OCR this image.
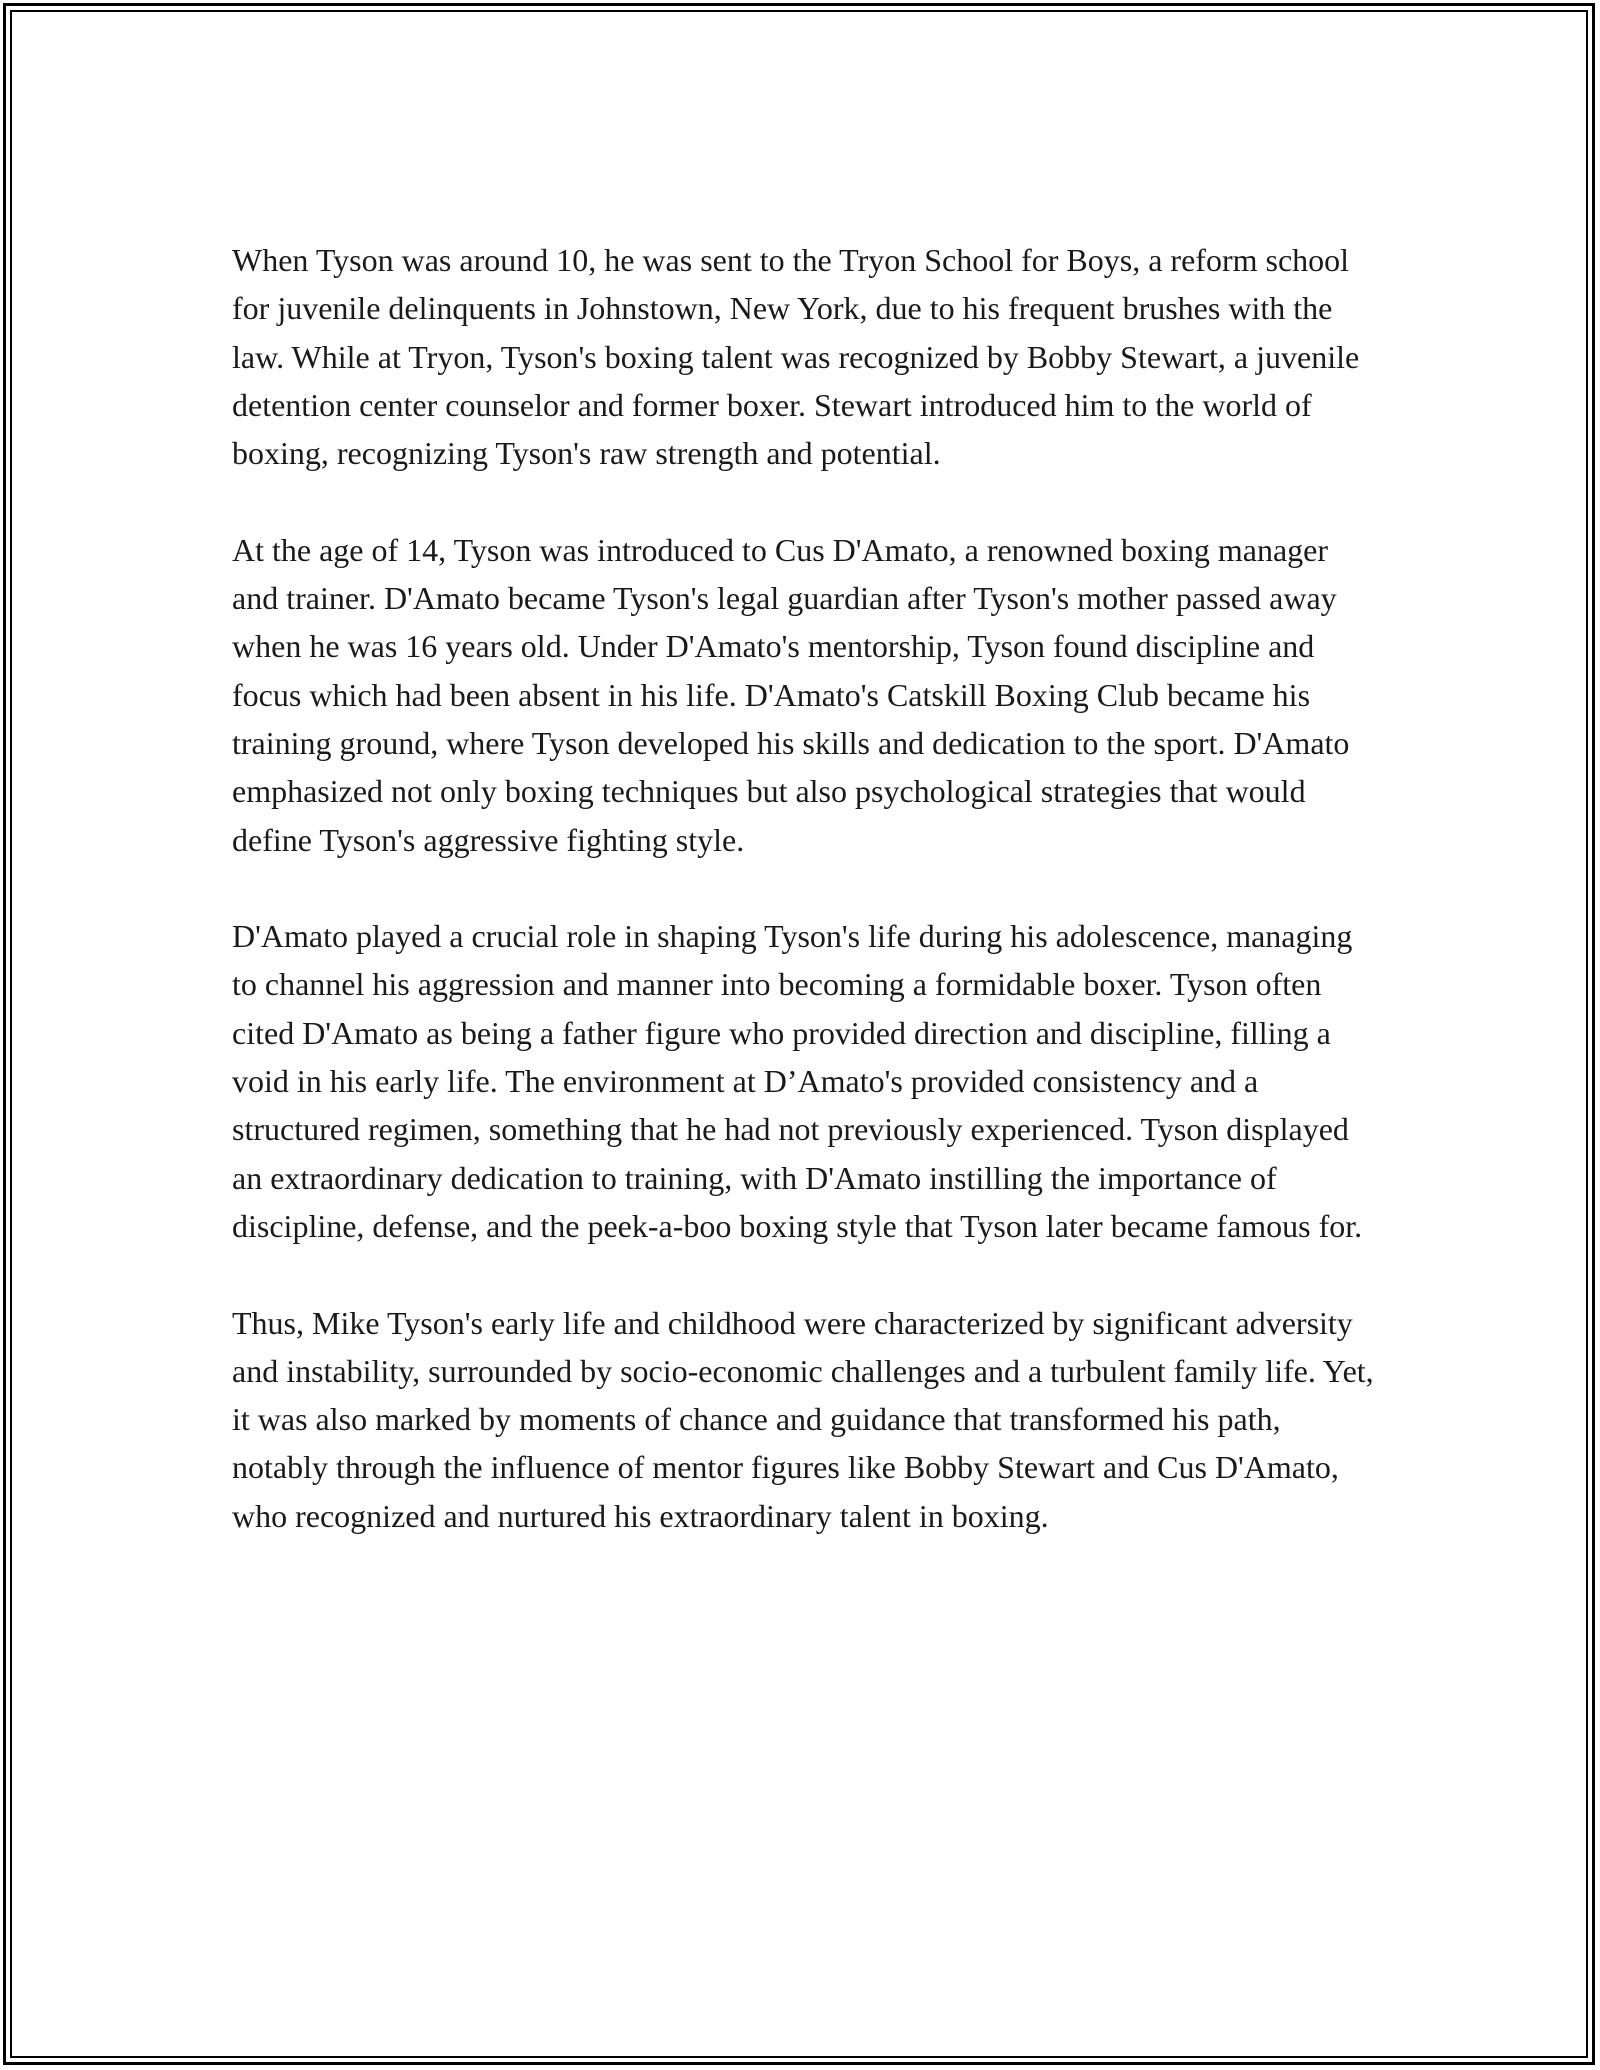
When Tyson was around 10, he was sent to the Tryon School for Boys, a reform school for juvenile delinquents in Johnstown, New York, due to his frequent brushes with the law. While at Tryon, Tyson's boxing talent was recognized by Bobby Stewart, a juvenile detention center counselor and former boxer. Stewart introduced him to the world of boxing, recognizing Tyson's raw strength and potential.

At the age of 14, Tyson was introduced to Cus D'Amato, a renowned boxing manager and trainer. D'Amato became Tyson's legal guardian after Tyson's mother passed away when he was 16 years old. Under D'Amato's mentorship, Tyson found discipline and focus which had been absent in his life. D'Amato's Catskill Boxing Club became his training ground, where Tyson developed his skills and dedication to the sport. D'Amato emphasized not only boxing techniques but also psychological strategies that would define Tyson's aggressive fighting style.

D'Amato played a crucial role in shaping Tyson's life during his adolescence, managing to channel his aggression and manner into becoming a formidable boxer. Tyson often cited D'Amato as being a father figure who provided direction and discipline, filling a void in his early life. The environment at D’Amato's provided consistency and a structured regimen, something that he had not previously experienced. Tyson displayed an extraordinary dedication to training, with D'Amato instilling the importance of discipline, defense, and the peek-a-boo boxing style that Tyson later became famous for.

Thus, Mike Tyson's early life and childhood were characterized by significant adversity and instability, surrounded by socio-economic challenges and a turbulent family life. Yet, it was also marked by moments of chance and guidance that transformed his path, notably through the influence of mentor figures like Bobby Stewart and Cus D'Amato, who recognized and nurtured his extraordinary talent in boxing.
